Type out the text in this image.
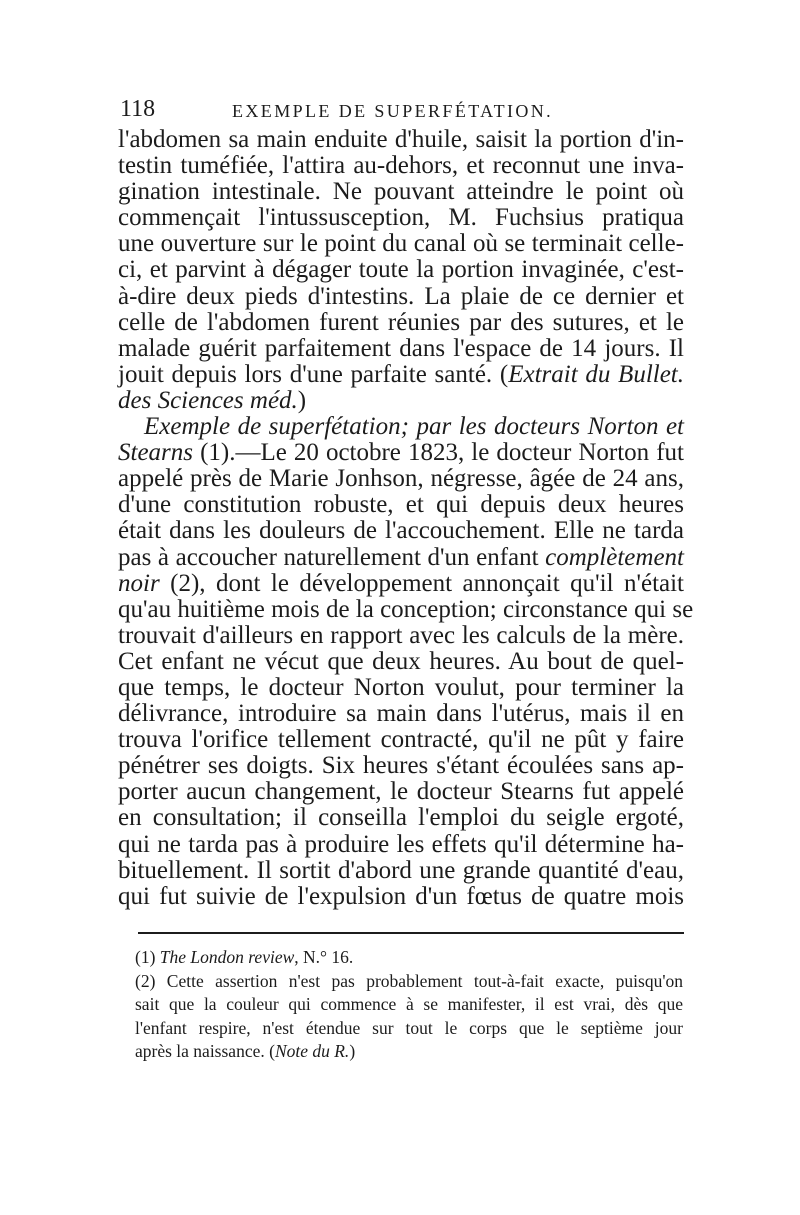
118	EXEMPLE DE SUPERFÉTATION.
l'abdomen sa main enduite d'huile, saisit la portion d'in-
testin tuméfiée, l'attira au-dehors, et reconnut une inva-
gination intestinale. Ne pouvant atteindre le point où
commençait l'intussusception, M. Fuchsius pratiqua
une ouverture sur le point du canal où se terminait celle-
ci, et parvint à dégager toute la portion invaginée, c'est-
à-dire deux pieds d'intestins. La plaie de ce dernier et
celle de l'abdomen furent réunies par des sutures, et le
malade guérit parfaitement dans l'espace de 14 jours. Il
jouit depuis lors d'une parfaite santé. (Extrait du Bullet.
des Sciences méd.)
Exemple de superfétation; par les docteurs Norton et
Stearns (1).—Le 20 octobre 1823, le docteur Norton fut
appelé près de Marie Jonhson, négresse, âgée de 24 ans,
d'une constitution robuste, et qui depuis deux heures
était dans les douleurs de l'accouchement. Elle ne tarda
pas à accoucher naturellement d'un enfant complètement
noir (2), dont le développement annonçait qu'il n'était
qu'au huitième mois de la conception; circonstance qui se
trouvait d'ailleurs en rapport avec les calculs de la mère.
Cet enfant ne vécut que deux heures. Au bout de quel-
que temps, le docteur Norton voulut, pour terminer la
délivrance, introduire sa main dans l'utérus, mais il en
trouva l'orifice tellement contracté, qu'il ne pût y faire
pénétrer ses doigts. Six heures s'étant écoulées sans ap-
porter aucun changement, le docteur Stearns fut appelé
en consultation; il conseilla l'emploi du seigle ergoté,
qui ne tarda pas à produire les effets qu'il détermine ha-
bituellement. Il sortit d'abord une grande quantité d'eau,
qui fut suivie de l'expulsion d'un fœtus de quatre mois
(1) The London review, N.° 16.
(2) Cette assertion n'est pas probablement tout-à-fait exacte, puisqu'on
sait que la couleur qui commence à se manifester, il est vrai, dès que
l'enfant respire, n'est étendue sur tout le corps que le septième jour
après la naissance. (Note du R.)
